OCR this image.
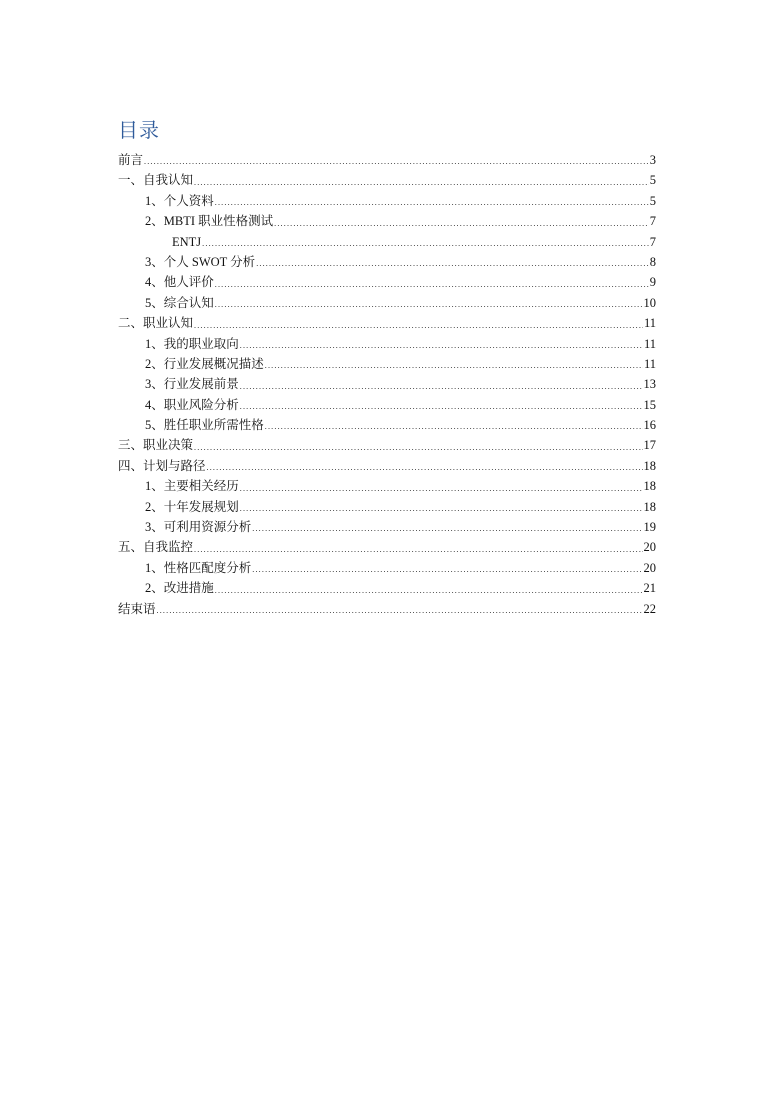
目录
前言 .....	3
一、自我认知 .....	5
1、个人资料 .....	5
2、MBTI 职业性格测试 .....	7
ENTJ .....	7
3、个人 SWOT 分析 .....	8
4、他人评价 .....	9
5、综合认知 .....	10
二、职业认知 .....	11
1、我的职业取向 .....	11
2、行业发展概况描述 .....	11
3、行业发展前景 .....	13
4、职业风险分析 .....	15
5、胜任职业所需性格 .....	16
三、职业决策 .....	17
四、计划与路径 .....	18
1、主要相关经历 .....	18
2、十年发展规划 .....	18
3、可利用资源分析 .....	19
五、自我监控 .....	20
1、性格匹配度分析 .....	20
2、改进措施 .....	21
结束语 .....	22
